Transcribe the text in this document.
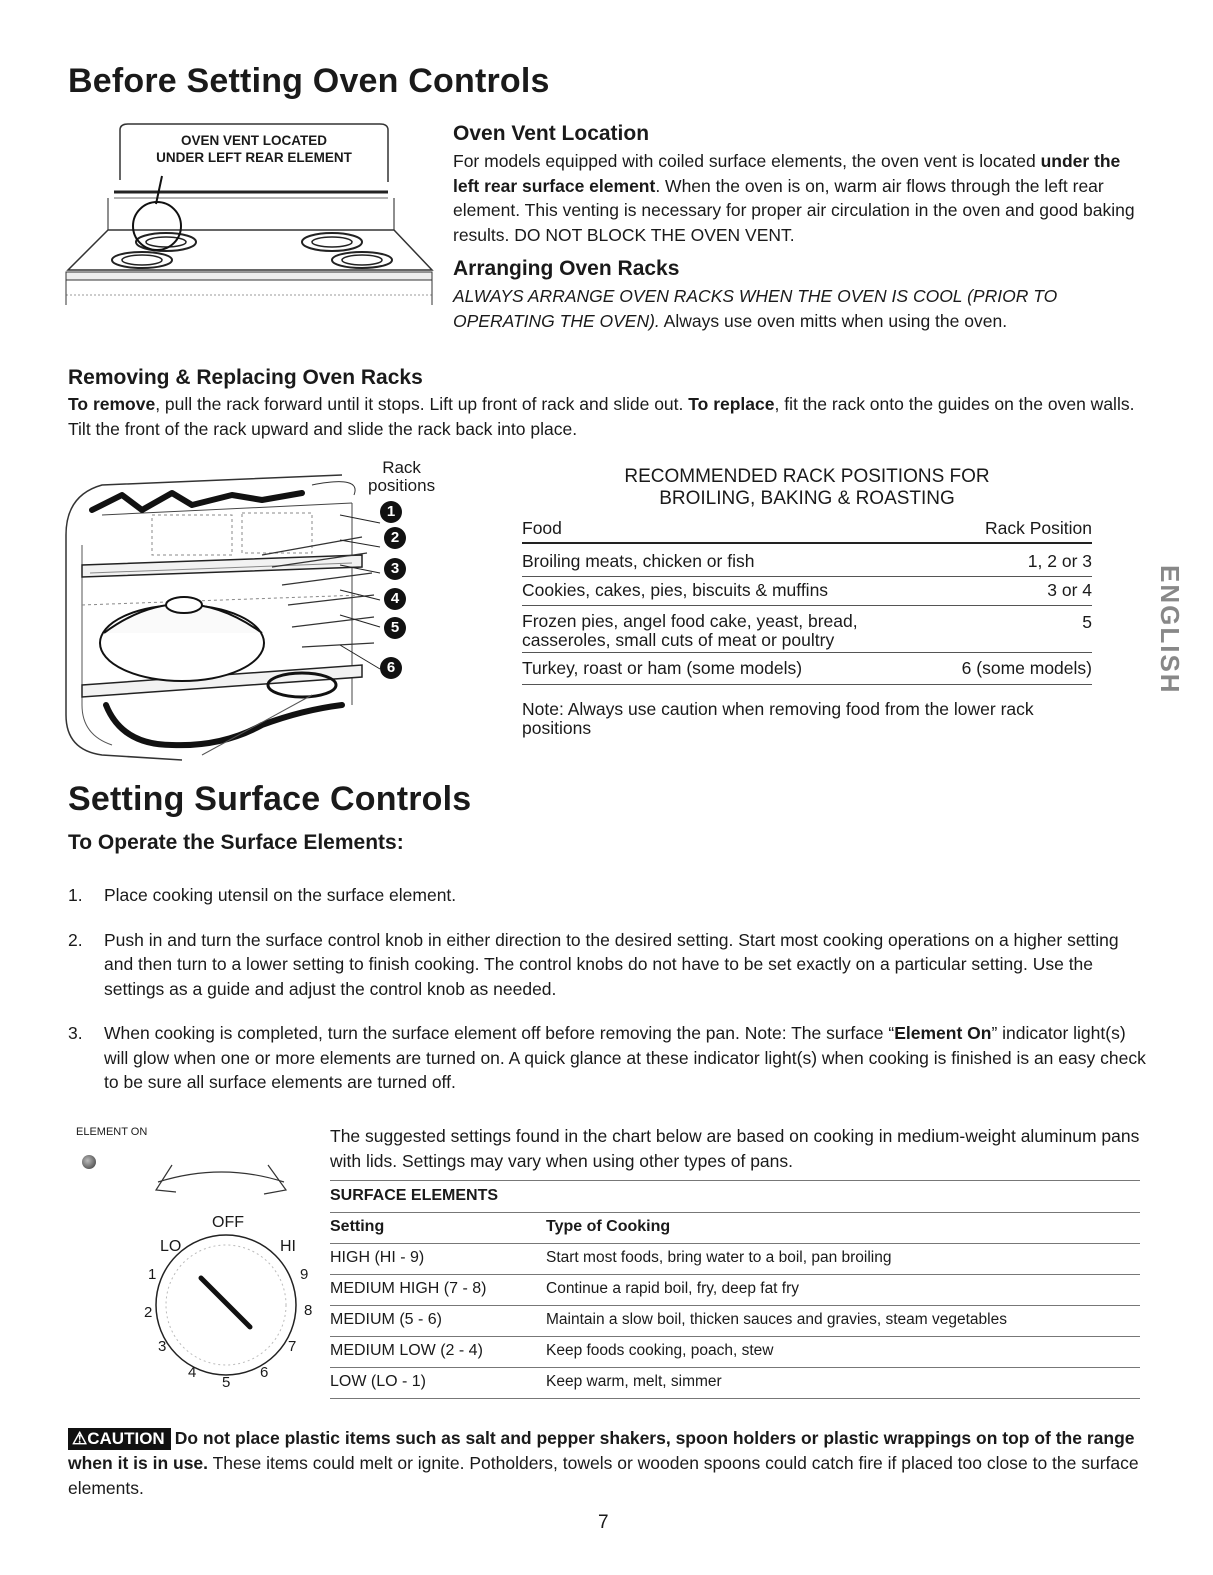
Before Setting Oven Controls
OVEN VENT LOCATED
UNDER LEFT REAR ELEMENT
Oven Vent Location
For models equipped with coiled surface elements, the oven vent is located under the left rear surface element. When the oven is on, warm air flows through the left rear element. This venting is necessary for proper air circulation in the oven and good baking results. DO NOT BLOCK THE OVEN VENT.
Arranging Oven Racks
ALWAYS ARRANGE OVEN RACKS WHEN THE OVEN IS COOL (PRIOR TO OPERATING THE OVEN). Always use oven mitts when using the oven.
Removing & Replacing Oven Racks
To remove, pull the rack forward until it stops. Lift up front of rack and slide out. To replace, fit the rack onto the guides on the oven walls. Tilt the front of the rack upward and slide the rack back into place.
Rack
positions
1
2
3
4
5
6
RECOMMENDED RACK POSITIONS FOR
BROILING, BAKING & ROASTING
Food	Rack Position
Broiling meats, chicken or fish	1, 2 or 3
Cookies, cakes, pies, biscuits & muffins	3 or 4
Frozen pies, angel food cake, yeast, bread,
casseroles, small cuts of meat or poultry
5
Turkey, roast or ham (some models)	6 (some models)
Note: Always use caution when removing food from the lower rack positions
ENGLISH
Setting Surface Controls
To Operate the Surface Elements:
1. Place cooking utensil on the surface element.
2. Push in and turn the surface control knob in either direction to the desired setting. Start most cooking operations on a higher setting and then turn to a lower setting to finish cooking. The control knobs do not have to be set exactly on a particular setting. Use the settings as a guide and adjust the control knob as needed.
3. When cooking is completed, turn the surface element off before removing the pan. Note: The surface “Element On” indicator light(s) will glow when one or more elements are turned on. A quick glance at these indicator light(s) when cooking is finished is an easy check to be sure all surface elements are turned off.
ELEMENT ON
OFF
LO	HI
1
2
3
4
5
6
7
8
9
The suggested settings found in the chart below are based on cooking in medium-weight aluminum pans with lids. Settings may vary when using other types of pans.
SURFACE ELEMENTS
Setting	Type of Cooking
HIGH (HI - 9)	Start most foods, bring water to a boil, pan broiling
MEDIUM HIGH (7 - 8)	Continue a rapid boil, fry, deep fat fry
MEDIUM (5 - 6)	Maintain a slow boil, thicken sauces and gravies, steam vegetables
MEDIUM LOW (2 - 4)	Keep foods cooking, poach, stew
LOW (LO - 1)	Keep warm, melt, simmer
⚠CAUTION Do not place plastic items such as salt and pepper shakers, spoon holders or plastic wrappings on top of the range when it is in use. These items could melt or ignite. Potholders, towels or wooden spoons could catch fire if placed too close to the surface elements.
7
